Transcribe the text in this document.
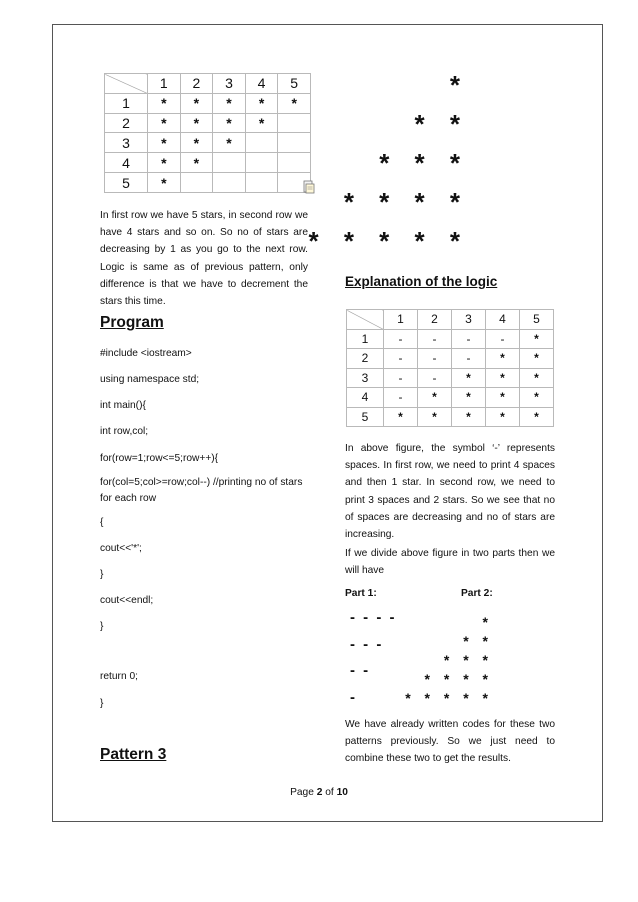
	1	2	3	4	5
1	*	*	*	*	*
2	*	*	*	*	
3	*	*	*		
4	*	*			
5	*				

In first row we have 5 stars, in second row we have 4 stars and so on. So no of stars are decreasing by 1 as you go to the next row. Logic is same as of previous pattern, only difference is that we have to decrement the stars this time.

Program
#include <iostream>
using namespace std;
int main(){
int row,col;
for(row=1;row<=5;row++){
for(col=5;col>=row;col--) //printing no of stars for each row
{
cout<<'*';
}
cout<<endl;
}
return 0;
}
Pattern 3
*
* *
* * *
* * * *
* * * * *
Explanation of the logic
	1	2	3	4	5
1	-	-	-	-	*
2	-	-	-	*	*
3	-	-	*	*	*
4	-	*	*	*	*
5	*	*	*	*	*

In above figure, the symbol ‘-’ represents spaces. In first row, we need to print 4 spaces and then 1 star. In second row, we need to print 3 spaces and 2 stars. So we see that no of spaces are decreasing and no of stars are increasing.

If we divide above figure in two parts then we will have

Part 1:	Part 2:
- - - -
- - -
- -
-
*
* *
* * *
* * * *
* * * * *

We have already written codes for these two patterns previously. So we just need to combine these two to get the results.

Page 2 of 10
